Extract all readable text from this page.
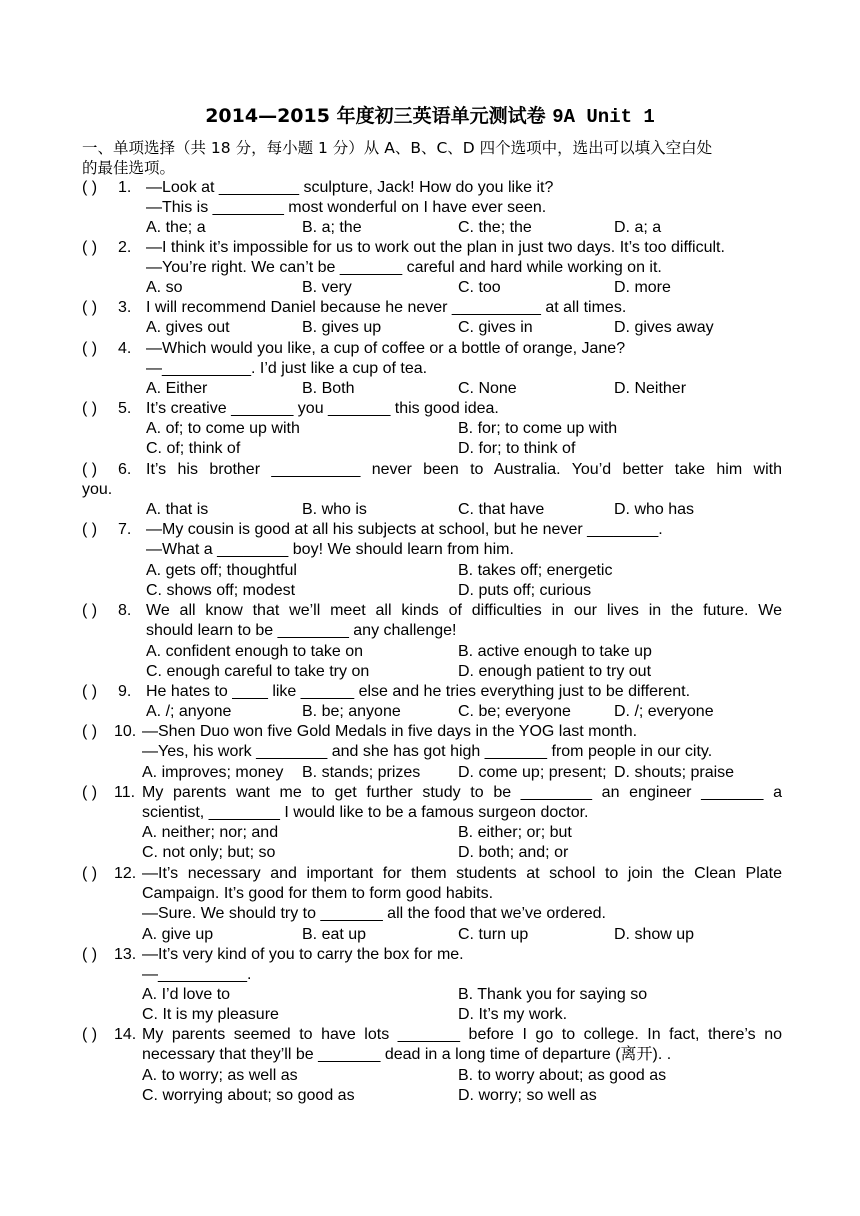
2014—2015 年度初三英语单元测试卷 9A Unit 1
一、单项选择（共 18 分，每小题 1 分）从 A、B、C、D 四个选项中，选出可以填入空白处
的最佳选项。
( ) 1. —Look at _________ sculpture, Jack! How do you like it?
—This is ________ most wonderful on I have ever seen.
A. the; a	B. a; the	C. the; the	D. a; a
( ) 2. —I think it’s impossible for us to work out the plan in just two days. It’s too difficult.
—You’re right. We can’t be _______ careful and hard while working on it.
A. so	B. very	C. too	D. more
( ) 3. I will recommend Daniel because he never __________ at all times.
A. gives out	B. gives up	C. gives in	D. gives away
( ) 4. —Which would you like, a cup of coffee or a bottle of orange, Jane?
—__________. I’d just like a cup of tea.
A. Either	B. Both	C. None	D. Neither
( ) 5. It’s creative _______ you _______ this good idea.
A. of; to come up with	B. for; to come up with
C. of; think of	D. for; to think of
( ) 6. It’s his brother __________ never been to Australia. You’d better take him with
you.
A. that is	B. who is	C. that have	D. who has
( ) 7. —My cousin is good at all his subjects at school, but he never ________.
—What a ________ boy! We should learn from him.
A. gets off; thoughtful	B. takes off; energetic
C. shows off; modest	D. puts off; curious
( ) 8. We all know that we’ll meet all kinds of difficulties in our lives in the future. We
should learn to be ________ any challenge!
A. confident enough to take on	B. active enough to take up
C. enough careful to take try on	D. enough patient to try out
( ) 9. He hates to ____ like ______ else and he tries everything just to be different.
A. /; anyone	B. be; anyone	C. be; everyone	D. /; everyone
( ) 10. —Shen Duo won five Gold Medals in five days in the YOG last month.
—Yes, his work ________ and she has got high _______ from people in our city.
A. improves; money B. stands; prizes D. come up; present; D. shouts; praise
( ) 11. My parents want me to get further study to be ________ an engineer _______ a
scientist, ________ I would like to be a famous surgeon doctor.
A. neither; nor; and	B. either; or; but
C. not only; but; so	D. both; and; or
( ) 12. —It’s necessary and important for them students at school to join the Clean Plate
Campaign. It’s good for them to form good habits.
—Sure. We should try to _______ all the food that we’ve ordered.
A. give up	B. eat up	C. turn up	D. show up
( ) 13. —It’s very kind of you to carry the box for me.
—__________.
A. I’d love to	B. Thank you for saying so
C. It is my pleasure	D. It’s my work.
( ) 14. My parents seemed to have lots _______ before I go to college. In fact, there’s no
necessary that they’ll be _______ dead in a long time of departure (离开). .
A. to worry; as well as	B. to worry about; as good as
C. worrying about; so good as	D. worry; so well as
